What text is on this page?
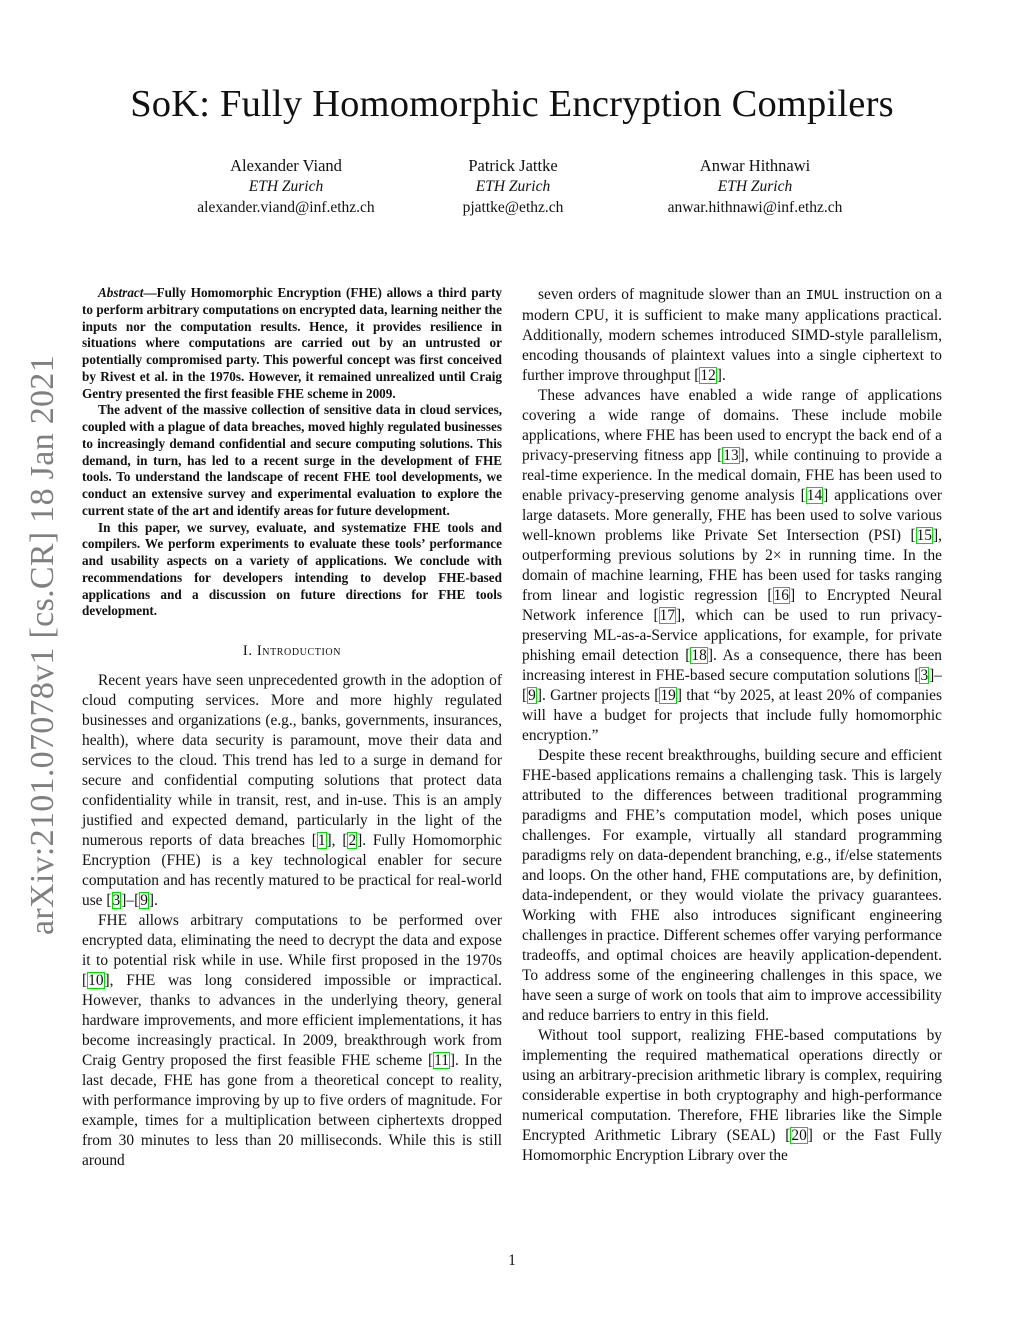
SoK: Fully Homomorphic Encryption Compilers
Alexander Viand
ETH Zurich
alexander.viand@inf.ethz.ch
Patrick Jattke
ETH Zurich
pjattke@ethz.ch
Anwar Hithnawi
ETH Zurich
anwar.hithnawi@inf.ethz.ch
arXiv:2101.07078v1 [cs.CR] 18 Jan 2021

Abstract—Fully Homomorphic Encryption (FHE) allows a third party to perform arbitrary computations on encrypted data, learning neither the inputs nor the computation results. Hence, it provides resilience in situations where computations are carried out by an untrusted or potentially compromised party. This powerful concept was first conceived by Rivest et al. in the 1970s. However, it remained unrealized until Craig Gentry presented the first feasible FHE scheme in 2009.

The advent of the massive collection of sensitive data in cloud services, coupled with a plague of data breaches, moved highly regulated businesses to increasingly demand confidential and secure computing solutions. This demand, in turn, has led to a recent surge in the development of FHE tools. To understand the landscape of recent FHE tool developments, we conduct an extensive survey and experimental evaluation to explore the current state of the art and identify areas for future development.

In this paper, we survey, evaluate, and systematize FHE tools and compilers. We perform experiments to evaluate these tools’ performance and usability aspects on a variety of applications. We conclude with recommendations for developers intending to develop FHE-based applications and a discussion on future directions for FHE tools development.

I. Introduction

Recent years have seen unprecedented growth in the adoption of cloud computing services. More and more highly regulated businesses and organizations (e.g., banks, governments, insurances, health), where data security is paramount, move their data and services to the cloud. This trend has led to a surge in demand for secure and confidential computing solutions that protect data confidentiality while in transit, rest, and in-use. This is an amply justified and expected demand, particularly in the light of the numerous reports of data breaches [1], [2]. Fully Homomorphic Encryption (FHE) is a key technological enabler for secure computation and has recently matured to be practical for real-world use [3]–[9].

FHE allows arbitrary computations to be performed over encrypted data, eliminating the need to decrypt the data and expose it to potential risk while in use. While first proposed in the 1970s [10], FHE was long considered impossible or impractical. However, thanks to advances in the underlying theory, general hardware improvements, and more efficient implementations, it has become increasingly practical. In 2009, breakthrough work from Craig Gentry proposed the first feasible FHE scheme [11]. In the last decade, FHE has gone from a theoretical concept to reality, with performance improving by up to five orders of magnitude. For example, times for a multiplication between ciphertexts dropped from 30 minutes to less than 20 milliseconds. While this is still around

seven orders of magnitude slower than an IMUL instruction on a modern CPU, it is sufficient to make many applications practical. Additionally, modern schemes introduced SIMD-style parallelism, encoding thousands of plaintext values into a single ciphertext to further improve throughput [12].

These advances have enabled a wide range of applications covering a wide range of domains. These include mobile applications, where FHE has been used to encrypt the back end of a privacy-preserving fitness app [13], while continuing to provide a real-time experience. In the medical domain, FHE has been used to enable privacy-preserving genome analysis [14] applications over large datasets. More generally, FHE has been used to solve various well-known problems like Private Set Intersection (PSI) [15], outperforming previous solutions by 2× in running time. In the domain of machine learning, FHE has been used for tasks ranging from linear and logistic regression [16] to Encrypted Neural Network inference [17], which can be used to run privacy-preserving ML-as-a-Service applications, for example, for private phishing email detection [18]. As a consequence, there has been increasing interest in FHE-based secure computation solutions [3]–[9]. Gartner projects [19] that “by 2025, at least 20% of companies will have a budget for projects that include fully homomorphic encryption.”

Despite these recent breakthroughs, building secure and efficient FHE-based applications remains a challenging task. This is largely attributed to the differences between traditional programming paradigms and FHE’s computation model, which poses unique challenges. For example, virtually all standard programming paradigms rely on data-dependent branching, e.g., if/else statements and loops. On the other hand, FHE computations are, by definition, data-independent, or they would violate the privacy guarantees. Working with FHE also introduces significant engineering challenges in practice. Different schemes offer varying performance tradeoffs, and optimal choices are heavily application-dependent. To address some of the engineering challenges in this space, we have seen a surge of work on tools that aim to improve accessibility and reduce barriers to entry in this field.

Without tool support, realizing FHE-based computations by implementing the required mathematical operations directly or using an arbitrary-precision arithmetic library is complex, requiring considerable expertise in both cryptography and high-performance numerical computation. Therefore, FHE libraries like the Simple Encrypted Arithmetic Library (SEAL) [20] or the Fast Fully Homomorphic Encryption Library over the

1
